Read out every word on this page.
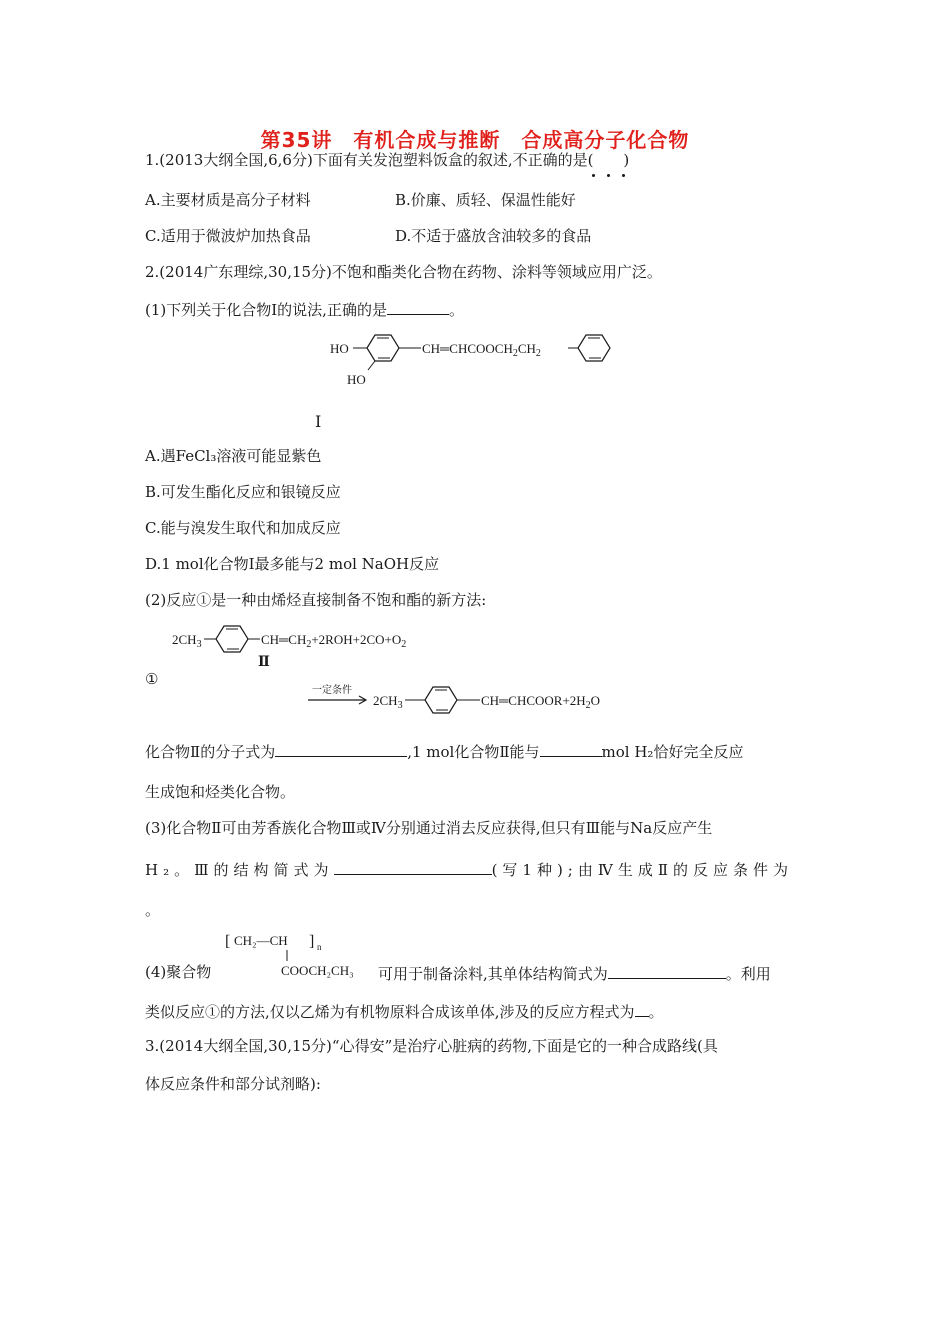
第35讲　有机合成与推断　合成高分子化合物
1.(2013大纲全国,6,6分)下面有关发泡塑料饭盒的叙述,不正确的是(　　)
A.主要材质是高分子材料	B.价廉、质轻、保温性能好
C.适用于微波炉加热食品	D.不适于盛放含油较多的食品
2.(2014广东理综,30,15分)不饱和酯类化合物在药物、涂料等领域应用广泛。
(1)下列关于化合物Ⅰ的说法,正确的是	。
HO
HO
$CH═CHCOOCH_2CH_2$
Ⅰ
A.遇FeCl₃溶液可能显紫色
B.可发生酯化反应和银镜反应
C.能与溴发生取代和加成反应
D.1 mol化合物Ⅰ最多能与2 mol NaOH反应
(2)反应①是一种由烯烃直接制备不饱和酯的新方法:
①
$2CH_3$	$CH═CH_2+2ROH+2CO+O_2$
Ⅱ
一定条件
$2CH_3$	$CH═CHCOOR+2H_2O$
化合物Ⅱ的分子式为	,1 mol化合物Ⅱ能与	mol H₂恰好完全反应
生成饱和烃类化合物。
(3)化合物Ⅱ可由芳香族化合物Ⅲ或Ⅳ分别通过消去反应获得,但只有Ⅲ能与Na反应产生
H₂。Ⅲ的结构简式为	(写1种);由Ⅳ生成Ⅱ的反应条件为
。
[ CH₂—CH ] n
COOCH₂CH₃
(4)聚合物	可用于制备涂料,其单体结构简式为	。利用
类似反应①的方法,仅以乙烯为有机物原料合成该单体,涉及的反应方程式为 。
3.(2014大纲全国,30,15分)“心得安”是治疗心脏病的药物,下面是它的一种合成路线(具
体反应条件和部分试剂略):
